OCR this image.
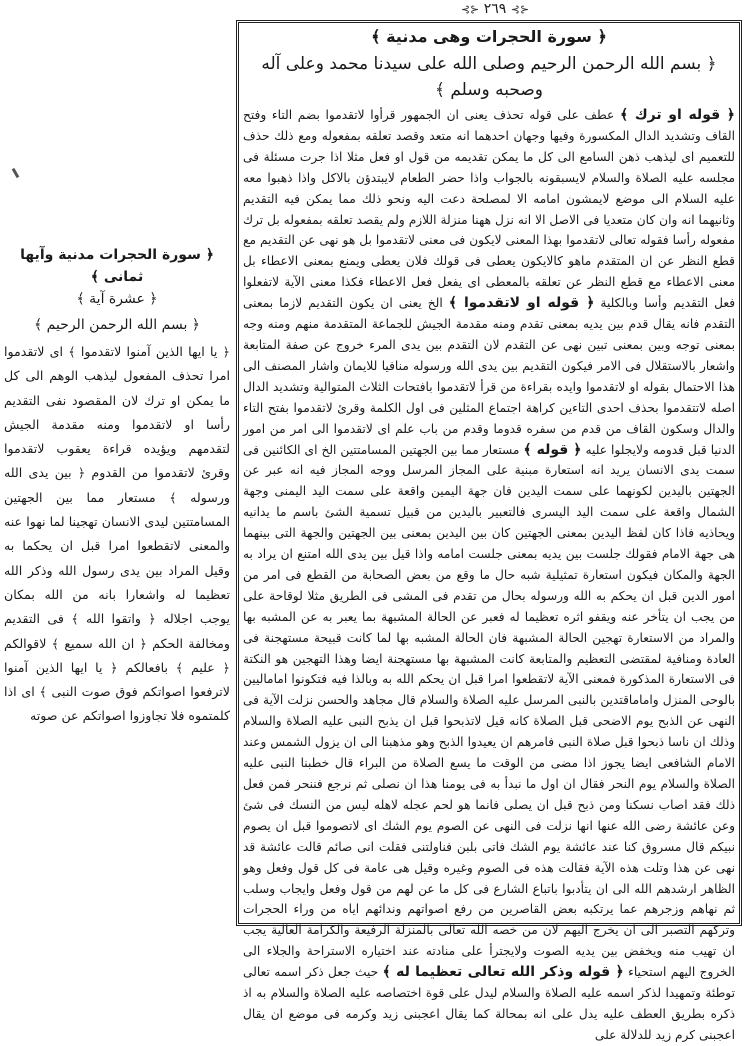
⊰⊱ ٢٦٩ ⊰⊱
﴿ سورة الحجرات وهى مدنية ﴾
﴿ بسم الله الرحمن الرحيم وصلى الله على سيدنا محمد وعلى آله وصحبه وسلم ﴾

﴿ قوله او ترك ﴾ عطف على قوله تحذف يعنى ان الجمهور قرأوا لاتقدموا بضم التاء وفتح القاف وتشديد الدال المكسورة وفيها وجهان احدهما انه متعد وقصد تعلقه بمفعوله ومع ذلك حذف للتعميم اى ليذهب ذهن السامع الى كل ما يمكن تقديمه من قول او فعل مثلا اذا جرت مسئلة فى مجلسه عليه الصلاة والسلام لايسبقونه بالجواب واذا حضر الطعام لايبتدؤن بالاكل واذا ذهبوا معه عليه السلام الى موضع لايمشون امامه الا لمصلحة دعت اليه ونحو ذلك مما يمكن فيه التقديم وثانيهما انه وان كان متعديا فى الاصل الا انه نزل ههنا منزلة اللازم ولم يقصد تعلقه بمفعوله بل ترك مفعوله رأسا فقوله تعالى لاتقدموا بهذا المعنى لايكون فى معنى لاتقدموا بل هو نهى عن التقديم مع قطع النظر عن ان المتقدم ماهو كالايكون يعطى فى قولك فلان يعطى ويمنع بمعنى الاعطاء بل معنى الاعطاء مع قطع النظر عن تعلقه بالمعطى اى يفعل فعل الاعطاء فكذا معنى الآية لاتفعلوا فعل التقديم وأسا وبالكلية ﴿ قوله او لاتقدموا ﴾ الخ يعنى ان يكون التقديم لازما بمعنى التقدم فانه يقال قدم بين يديه بمعنى تقدم ومنه مقدمة الجيش للجماعة المتقدمة منهم ومنه وجه بمعنى توجه وبين بمعنى تبين نهى عن التقدم لان التقدم بين يدى المرء خروج عن صفة المتابعة واشعار بالاستقلال فى الامر فيكون التقديم بين يدى الله ورسوله منافيا للايمان واشار المصنف الى هذا الاحتمال بقوله او لاتقدموا وايده بقراءة من قرأ لاتقدموا بافتحات الثلاث المتوالية وتشديد الدال اصله لاتتقدموا بحذف احدى التاءين كراهة اجتماع المثلين فى اول الكلمة وقرئ لاتقدموا بفتح التاء والدال وسكون القاف من قدم من سفره قدوما وقدم من باب علم اى لاتقدموا الى امر من امور الدنيا قبل قدومه ولايجلوا عليه ﴿ قوله ﴾ مستعار مما بين الجهتين المسامتتين الخ اى الكائنين فى سمت يدى الانسان يريد انه استعارة مبنية على المجاز المرسل ووجه المجاز فيه انه عبر عن الجهتين باليدين لكونهما على سمت اليدين فان جهة اليمين واقعة على سمت اليد اليمنى وجهة الشمال واقعة على سمت اليد اليسرى فالتعبير باليدين من قبيل تسمية الشئ باسم ما يدانيه ويحاذيه فاذا كان لفظ اليدين بمعنى الجهتين كان بين اليدين بمعنى بين الجهتين والجهة التى بينهما هى جهة الامام فقولك جلست بين يديه بمعنى جلست امامه واذا قيل بين يدى الله امتنع ان يراد به الجهة والمكان فيكون استعارة تمثيلية شبه حال ما وقع من بعض الصحابة من القطع فى امر من امور الدين قبل ان يحكم به الله ورسوله بحال من تقدم فى المشى فى الطريق مثلا لوقاحة على من يجب ان يتأخر عنه ويقفو اثره تعظيما له فعبر عن الحالة المشبهة بما يعبر به عن المشبه بها والمراد من الاستعارة تهجين الحالة المشبهة فان الحالة المشبه بها لما كانت قبيحة مستهجنة فى العادة ومنافية لمقتضى التعظيم والمتابعة كانت المشبهة بها مستهجنة ايضا وهذا التهجين هو النكتة فى الاستعارة المذكورة فمعنى الآية لاتقطعوا امرا قبل ان يحكم الله به وبالذا فيه فتكونوا اماماليين بالوحى المنزل واماماقتدين بالنبى المرسل عليه الصلاة والسلام قال مجاهد والحسن نزلت الآية فى النهى عن الذبح يوم الاضحى قبل الصلاة كانه قيل لاتذبحوا قبل ان يذبح النبى عليه الصلاة والسلام وذلك ان ناسا ذبحوا قبل صلاة النبى فامرهم ان يعيدوا الذبح وهو مذهبنا الى ان يزول الشمس وعند الامام الشافعى ايضا يجوز اذا مضى من الوقت ما يسع الصلاة من البراء قال خطبنا النبى عليه الصلاة والسلام يوم النحر فقال ان اول ما نبدأ به فى يومنا هذا ان نصلى ثم نرجع فننحر فمن فعل ذلك فقد اصاب نسكنا ومن ذبح قبل ان يصلى فانما هو لحم عجله لاهله ليس من النسك فى شئ وعن عائشة رضى الله عنها انها نزلت فى النهى عن الصوم يوم الشك اى لاتصوموا قبل ان يصوم نبيكم قال مسروق كنا عند عائشة يوم الشك فاتى بلبن فناولتنى فقلت انى صائم قالت عائشة قد نهى عن هذا وتلت هذه الآية فقالت هذه فى الصوم وغيره وقيل هى عامة فى كل قول وفعل وهو الظاهر ارشدهم الله الى ان يتأدبوا باتباع الشارع فى كل ما عن لهم من قول وفعل وايجاب وسلب ثم نهاهم وزجرهم عما يرتكبه بعض القاصرين من رفع اصواتهم وندائهم اياه من وراء الحجرات وتركهم التصبر الى ان يخرج اليهم لان من خصه الله تعالى بالمنزلة الرفيعة والكرامة العالية يجب ان تهيب منه ويخفض بين يديه الصوت ولايجترأ على منادته عند اختياره الاستراحة والجلاء الى الخروج اليهم استحياء ﴿ قوله وذكر الله تعالى تعظيما له ﴾ حيث جعل ذكر اسمه تعالى توطئة وتمهيدا لذكر اسمه عليه الصلاة والسلام ليدل على قوة اختصاصه عليه الصلاة والسلام به اذ ذكره بطريق العطف عليه يدل على انه بمحالة كما يقال اعجبنى زيد وكرمه فى موضع ان يقال اعجبنى كرم زيد للدلالة على

﴿ سورة الحجرات مدنية وآيها ثمانى ﴾
﴿ عشرة آية ﴾
﴿ بسم الله الرحمن الرحيم ﴾

﴿ يا ايها الذين آمنوا لاتقدموا ﴾ اى لاتقدموا امرا تحذف المفعول ليذهب الوهم الى كل ما يمكن او ترك لان المقصود نفى التقديم رأسا او لاتقدموا ومنه مقدمة الجيش لتقدمهم ويؤيده قراءة يعقوب لاتقدموا وقرئ لاتقدموا من القدوم ﴿ بين يدى الله ورسوله ﴾ مستعار مما بين الجهتين المسامتتين ليدى الانسان تهجينا لما نهوا عنه والمعنى لاتقطعوا امرا قبل ان يحكما به وقيل المراد بين يدى رسول الله وذكر الله تعظيما له واشعارا بانه من الله بمكان يوجب اجلاله ﴿ واتقوا الله ﴾ فى التقديم ومخالفة الحكم ﴿ ان الله سميع ﴾ لاقوالكم ﴿ عليم ﴾ بافعالكم ﴿ يا ايها الذين آمنوا لاترفعوا اصواتكم فوق صوت النبى ﴾ اى اذا كلمتموه فلا تجاوزوا اصواتكم عن صوته
